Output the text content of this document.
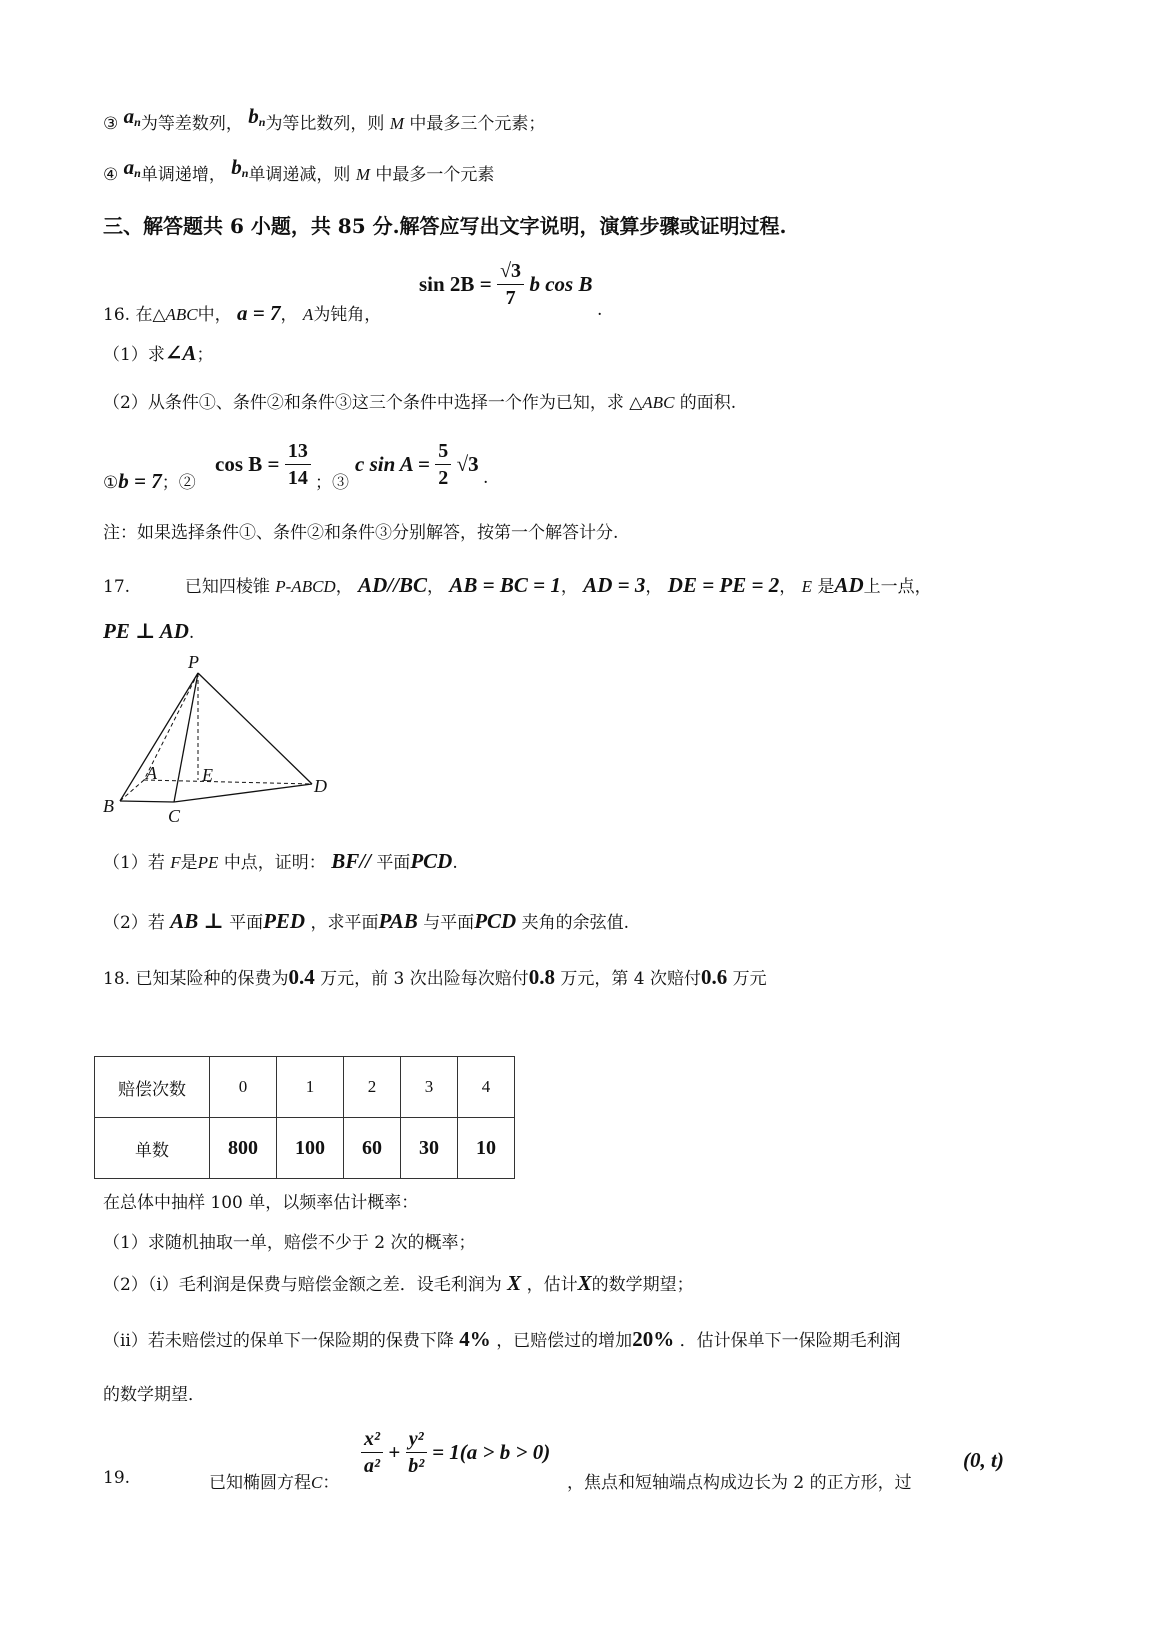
③ $a_n$为等差数列， $b_n$为等比数列，则 M 中最多三个元素；
④ $a_n$单调递增， $b_n$单调递减，则 M 中最多一个元素
三、解答题共 6 小题，共 85 分.解答应写出文字说明，演算步骤或证明过程.
16. 在△ABC中， a = 7， A为钝角，
$\sin 2B = \frac{√3}{7}$ b cos B
.
（1）求∠A；
（2）从条件①、条件②和条件③这三个条件中选择一个作为已知，求 △ABC 的面积.
①b = 7；②
$\cos B = \frac{13}{14}$ ；③
c $\sin A = \frac{5}{2} √3$
.
注：如果选择条件①、条件②和条件③分别解答，按第一个解答计分.
17.	已知四棱锥 P-ABCD， AD//BC， AB = BC = 1， AD = 3， DE = PE = 2， E 是AD上一点，
PE ⊥ AD.
P
A	E
B	C
D
（1）若 F是PE 中点，证明： BF// 平面PCD.
（2）若 AB ⊥ 平面PED ，求平面PAB 与平面PCD 夹角的余弦值.
18. 已知某险种的保费为0.4 万元，前 3 次出险每次赔付0.8 万元，第 4 次赔付0.6 万元
赔偿次数	0	1	2	3	4
单数	800	100	60	30	10
在总体中抽样 100 单，以频率估计概率：
（1）求随机抽取一单，赔偿不少于 2 次的概率；
（2）（i）毛利润是保费与赔偿金额之差．设毛利润为 X ，估计X的数学期望；
（ii）若未赔偿过的保单下一保险期的保费下降 4% ，已赔偿过的增加20% ．估计保单下一保险期毛利润
的数学期望．
19.	已知椭圆方程C：
$\frac{\text{x²}}{\text{a²}} + \frac{\text{y²}}{\text{b²}} = 1(a > b > 0)$
，焦点和短轴端点构成边长为 2 的正方形，过
(0, t)
